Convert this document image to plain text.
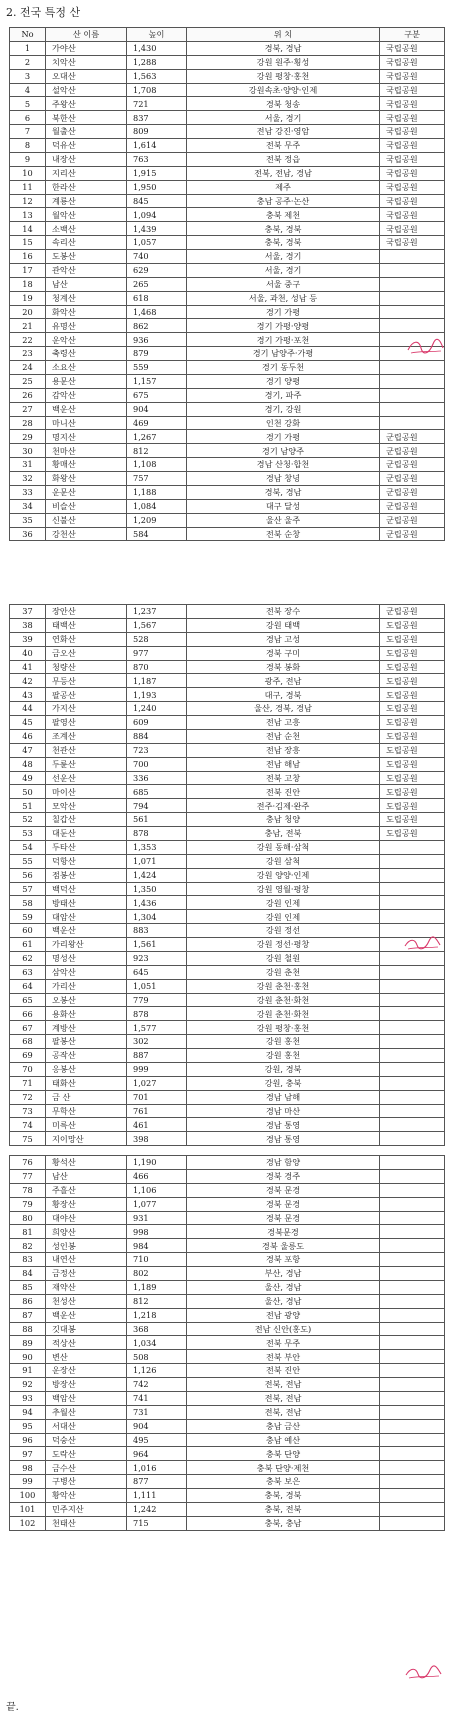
2. 전국 특정 산
No	산 이름	높이	위 치	구분
1	가야산	1,430	경북, 경남	국립공원
2	치악산	1,288	강원 원주·횡성	국립공원
3	오대산	1,563	강원 평창·홍천	국립공원
4	설악산	1,708	강원속초·양양·인제	국립공원
5	주왕산	721	경북 청송	국립공원
6	북한산	837	서울, 경기	국립공원
7	월출산	809	전남 강진·영암	국립공원
8	덕유산	1,614	전북 무주	국립공원
9	내장산	763	전북 정읍	국립공원
10	지리산	1,915	전북, 전남, 경남	국립공원
11	한라산	1,950	제주	국립공원
12	계룡산	845	충남 공주·논산	국립공원
13	월악산	1,094	충북 제천	국립공원
14	소백산	1,439	충북, 경북	국립공원
15	속리산	1,057	충북, 경북	국립공원
16	도봉산	740	서울, 경기	
17	관악산	629	서울, 경기	
18	남산	265	서울 중구	
19	청계산	618	서울, 과천, 성남 등	
20	화악산	1,468	경기 가평	
21	유명산	862	경기 가평·양평	
22	운악산	936	경기 가평·포천	
23	축령산	879	경기 남양주·가평	
24	소요산	559	경기 동두천	
25	용문산	1,157	경기 양평	
26	감악산	675	경기, 파주	
27	백운산	904	경기, 강원	
28	마니산	469	인천 강화	
29	명지산	1,267	경기 가평	군립공원
30	천마산	812	경기 남양주	군립공원
31	황매산	1,108	경남 산청·합천	군립공원
32	화왕산	757	경남 창녕	군립공원
33	운문산	1,188	경북, 경남	군립공원
34	비슬산	1,084	대구 달성	군립공원
35	신불산	1,209	울산 울주	군립공원
36	강천산	584	전북 순창	군립공원
37	장안산	1,237	전북 장수	군립공원
38	태백산	1,567	강원 태백	도립공원
39	연화산	528	경남 고성	도립공원
40	금오산	977	경북 구미	도립공원
41	청량산	870	경북 봉화	도립공원
42	무등산	1,187	광주, 전남	도립공원
43	팔공산	1,193	대구, 경북	도립공원
44	가지산	1,240	울산, 경북, 경남	도립공원
45	팔영산	609	전남 고흥	도립공원
46	조계산	884	전남 순천	도립공원
47	천관산	723	전남 장흥	도립공원
48	두륜산	700	전남 해남	도립공원
49	선운산	336	전북 고창	도립공원
50	마이산	685	전북 진안	도립공원
51	모악산	794	전주·김제·완주	도립공원
52	칠갑산	561	충남 청양	도립공원
53	대둔산	878	충남, 전북	도립공원
54	두타산	1,353	강원 동해·삼척	
55	덕항산	1,071	강원 삼척	
56	점봉산	1,424	강원 양양·인제	
57	백덕산	1,350	강원 영월·평창	
58	방태산	1,436	강원 인제	
59	대암산	1,304	강원 인제	
60	백운산	883	강원 정선	
61	가리왕산	1,561	강원 정선·평창	
62	명성산	923	강원 철원	
63	삼악산	645	강원 춘천	
64	가리산	1,051	강원 춘천·홍천	
65	오봉산	779	강원 춘천·화천	
66	용화산	878	강원 춘천·화천	
67	계방산	1,577	강원 평창·홍천	
68	팔봉산	302	강원 홍천	
69	공작산	887	강원 홍천	
70	응봉산	999	강원, 경북	
71	태화산	1,027	강원, 충북	
72	금 산	701	경남 남해	
73	무학산	761	경남 마산	
74	미륵산	461	경남 통영	
75	지이망산	398	경남 통영	
76	황석산	1,190	경남 함양	
77	남산	466	경북 경주	
78	주흘산	1,106	경북 문경	
79	황장산	1,077	경북 문경	
80	대야산	931	경북 문경	
81	희양산	998	경북문경	
82	성인봉	984	경북 울릉도	
83	내연산	710	경북 포항	
84	금정산	802	부산, 경남	
85	재약산	1,189	울산, 경남	
86	천성산	812	울산, 경남	
87	백운산	1,218	전남 광양	
88	깃대봉	368	전남 신안(홍도)	
89	적상산	1,034	전북 무주	
90	변산	508	전북 부안	
91	운장산	1,126	전북 진안	
92	방장산	742	전북, 전남	
93	백암산	741	전북, 전남	
94	추월산	731	전북, 전남	
95	서대산	904	충남 금산	
96	덕숭산	495	충남 예산	
97	도락산	964	충북 단양	
98	금수산	1,016	충북 단양·제천	
99	구병산	877	충북 보은	
100	황악산	1,111	충북, 경북	
101	민주지산	1,242	충북, 전북	
102	천태산	715	충북, 충남	
끝.
